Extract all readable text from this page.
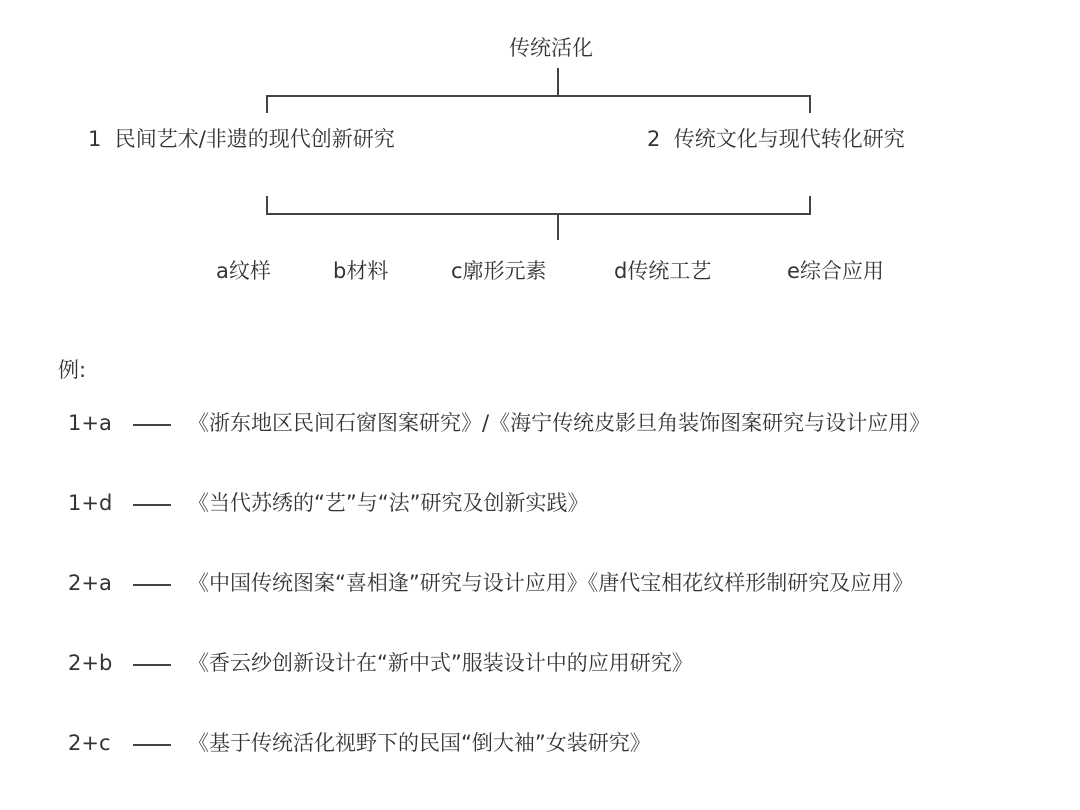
传统活化
1 民间艺术/非遗的现代创新研究	2 传统文化与现代转化研究
a纹样	b材料	c廓形元素	d传统工艺	e综合应用
例:
1+a	《浙东地区民间石窗图案研究》/《海宁传统皮影旦角装饰图案研究与设计应用》
1+d	《当代苏绣的“艺”与“法”研究及创新实践》
2+a	《中国传统图案“喜相逢”研究与设计应用》《唐代宝相花纹样形制研究及应用》
2+b	《香云纱创新设计在“新中式”服装设计中的应用研究》
2+c	《基于传统活化视野下的民国“倒大袖”女装研究》
